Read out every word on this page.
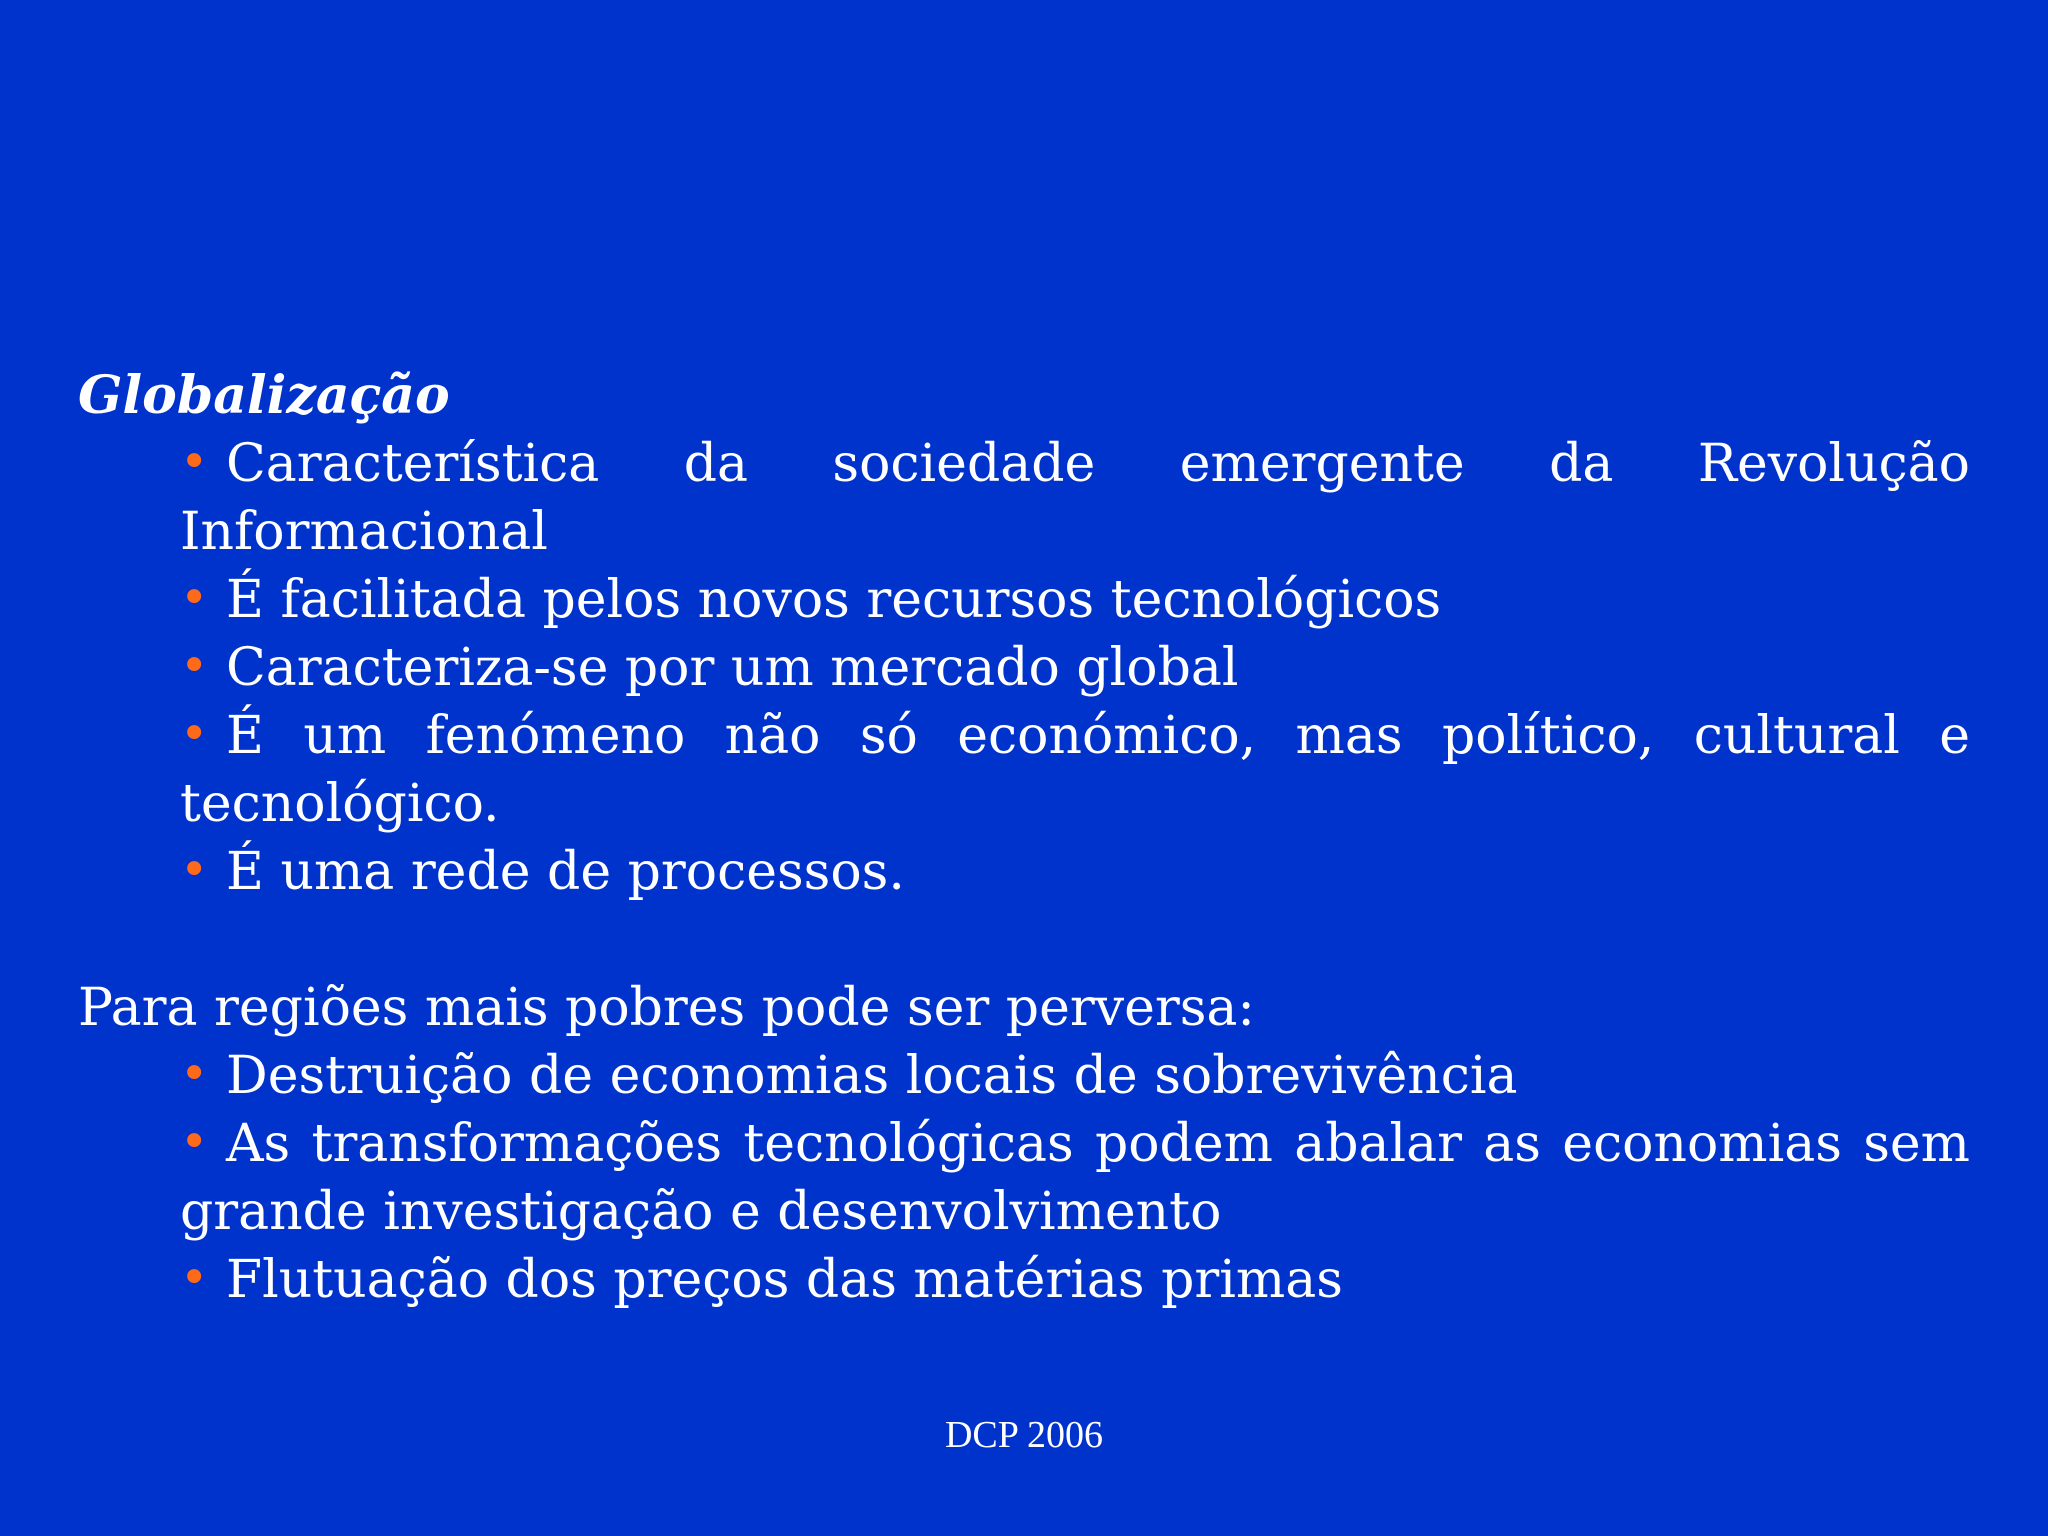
Globalização
• Característica da sociedade emergente da Revolução Informacional
• É facilitada pelos novos recursos tecnológicos
• Caracteriza-se por um mercado global
• É um fenómeno não só económico, mas político, cultural e tecnológico.
• É uma rede de processos.
Para regiões mais pobres pode ser perversa:
• Destruição de economias locais de sobrevivência
• As transformações tecnológicas podem abalar as economias sem grande investigação e desenvolvimento
• Flutuação dos preços das matérias primas
DCP 2006
